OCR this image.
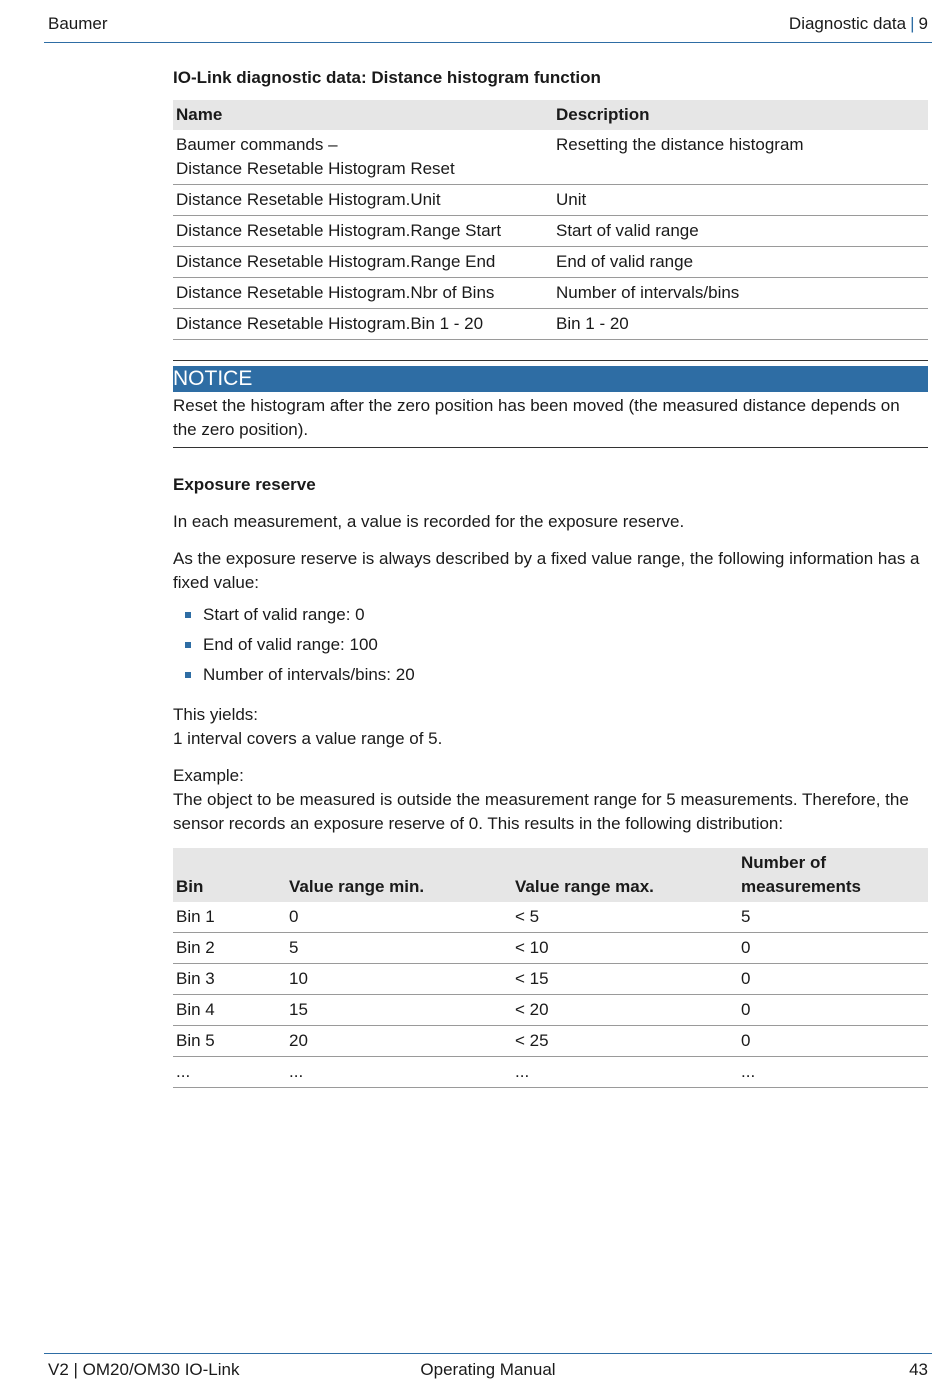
Baumer	Diagnostic data | 9

IO-Link diagnostic data: Distance histogram function

Name	Description
Baumer commands –
Distance Resetable Histogram Reset	Resetting the distance histogram
Distance Resetable Histogram.Unit	Unit
Distance Resetable Histogram.Range Start	Start of valid range
Distance Resetable Histogram.Range End	End of valid range
Distance Resetable Histogram.Nbr of Bins	Number of intervals/bins
Distance Resetable Histogram.Bin 1 - 20	Bin 1 - 20
NOTICE

Reset the histogram after the zero position has been moved (the measured distance depends on the zero position).

Exposure reserve

In each measurement, a value is recorded for the exposure reserve.

As the exposure reserve is always described by a fixed value range, the following information has a fixed value:

Start of valid range: 0
End of valid range: 100
Number of intervals/bins: 20

This yields:
1 interval covers a value range of 5.

Example:
The object to be measured is outside the measurement range for 5 measurements. Therefore, the sensor records an exposure reserve of 0. This results in the following distribution:

Bin	Value range min.	Value range max.	Number of measurements
Bin 1	0	< 5	5
Bin 2	5	< 10	0
Bin 3	10	< 15	0
Bin 4	15	< 20	0
Bin 5	20	< 25	0
...	...	...	...
V2 | OM20/OM30 IO-Link	Operating Manual	43
